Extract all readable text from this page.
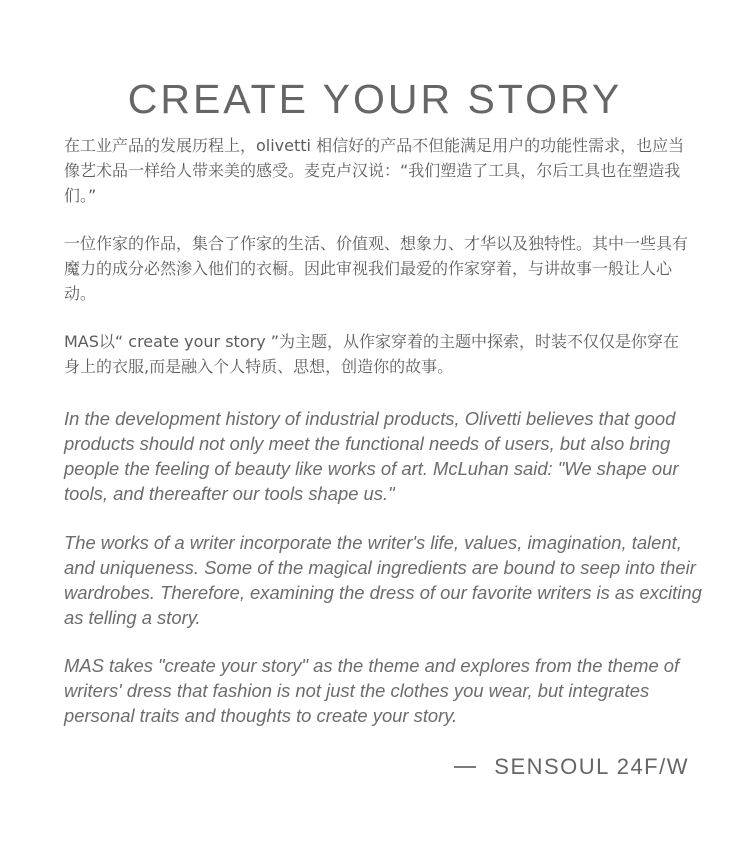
CREATE YOUR STORY

在工业产品的发展历程上，olivetti 相信好的产品不但能满足用户的功能性需求，也应当像艺术品一样给人带来美的感受。麦克卢汉说：“我们塑造了工具，尔后工具也在塑造我们。”

一位作家的作品，集合了作家的生活、价值观、想象力、才华以及独特性。其中一些具有魔力的成分必然渗入他们的衣橱。因此审视我们最爱的作家穿着，与讲故事一般让人心动。

MAS以“ create your story ”为主题，从作家穿着的主题中探索，时装不仅仅是你穿在身上的衣服,而是融入个人特质、思想，创造你的故事。

In the development history of industrial products, Olivetti believes that good products should not only meet the functional needs of users, but also bring people the feeling of beauty like works of art. McLuhan said: "We shape our tools, and thereafter our tools shape us."

The works of a writer incorporate the writer's life, values, imagination, talent, and uniqueness. Some of the magical ingredients are bound to seep into their wardrobes. Therefore, examining the dress of our favorite writers is as exciting as telling a story.

MAS takes "create your story" as the theme and explores from the theme of writers' dress that fashion is not just the clothes you wear, but integrates personal traits and thoughts to create your story.

SENSOUL 24F/W
